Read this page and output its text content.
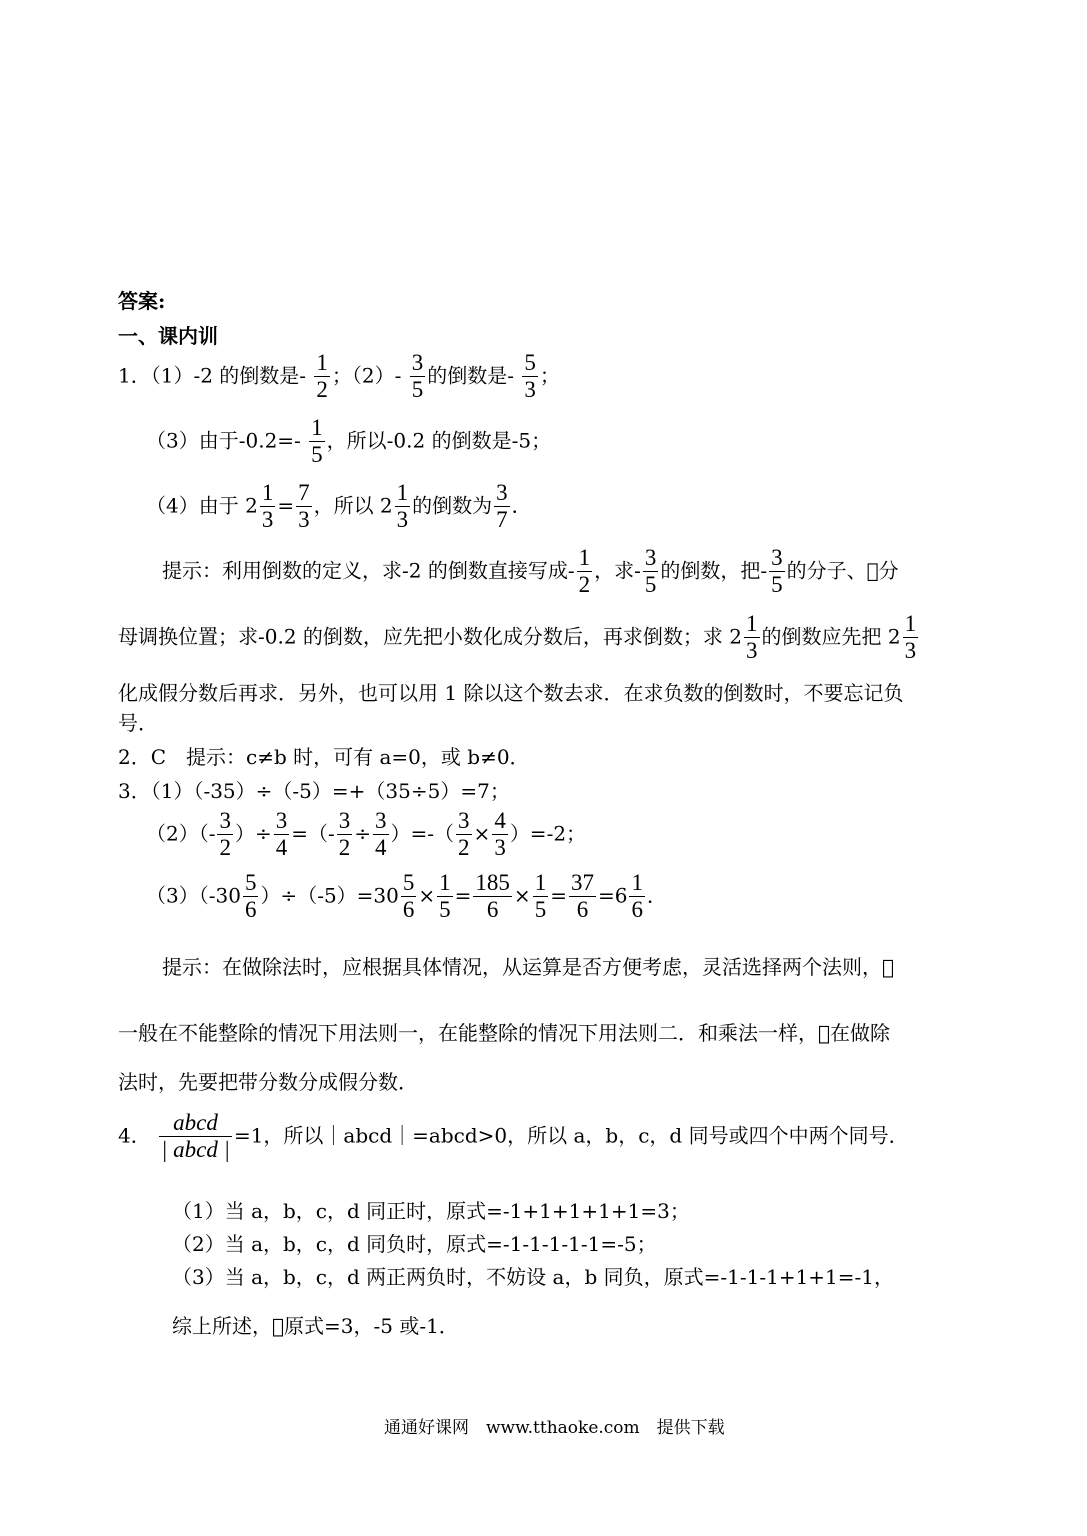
答案:
一、课内训
1．（1）-2 的倒数是- $\frac{1}{2}$ ；$(2)- \frac{3}{5}$ 的倒数是- $\frac{5}{3}$ ；
（3）由于$-0.2=- \frac{1}{5}$ ，所以-0.2 的倒数是-5；
（4）由于 $2 \frac{1}{3} = \frac{7}{3}$ ，所以 $2 \frac{1}{3}$ 的倒数为 $\frac{3}{7}$ ．
提示：利用倒数的定义，求-2 的倒数直接写成- $\frac{1}{2}$ ，求- $\frac{3}{5}$ 的倒数，把- $\frac{3}{5}$ 的分子、 分
母调换位置；求-0.2 的倒数，应先把小数化成分数后，再求倒数；求 $2 \frac{1}{3}$ 的倒数应先把 $2 \frac{1}{3}$
化成假分数后再求．另外，也可以用 1 除以这个数去求．在求负数的倒数时，不要忘记负
号．
2．C　提示：c≠b 时，可有 a=0，或 b≠0．
3．（1）（-35）÷（-5）=+（35÷5）=7；
$(2)(- \frac{3}{2}$ ）÷ $\frac{3}{4}$ =（- $\frac{3}{2} \div \frac{3}{4}$ ）=-（ $\frac{3}{2} \times \frac{4}{3} )=-2$；
$(3)(-30 \frac{5}{6} )\div(-5)=30 \frac{5}{6} \times \frac{1}{5} = \frac{185}{6} \times \frac{1}{5} = \frac{37}{6} =6 \frac{1}{6}$ ．
提示：在做除法时，应根据具体情况，从运算是否方便考虑，灵活选择两个法则， 
一般在不能整除的情况下用法则一，在能整除的情况下用法则二．和乘法一样， 在做除
法时，先要把带分数分成假分数．
4． $\frac{\text{abcd}}{\text{| abcd |}} =1$，所以｜abcd｜=abcd>0，所以 a，b，c，d 同号或四个中两个同号．
（1）当 a，b，c，d 同正时，原式=-1+1+1+1+1=3；
（2）当 a，b，c，d 同负时，原式=-1-1-1-1-1=-5；
（3）当 a，b，c，d 两正两负时，不妨设 a，b 同负，原式=-1-1-1+1+1=-1，
综上所述， 原式=3，-5 或-1．
通通好课网　www.tthaoke.com　提供下载
